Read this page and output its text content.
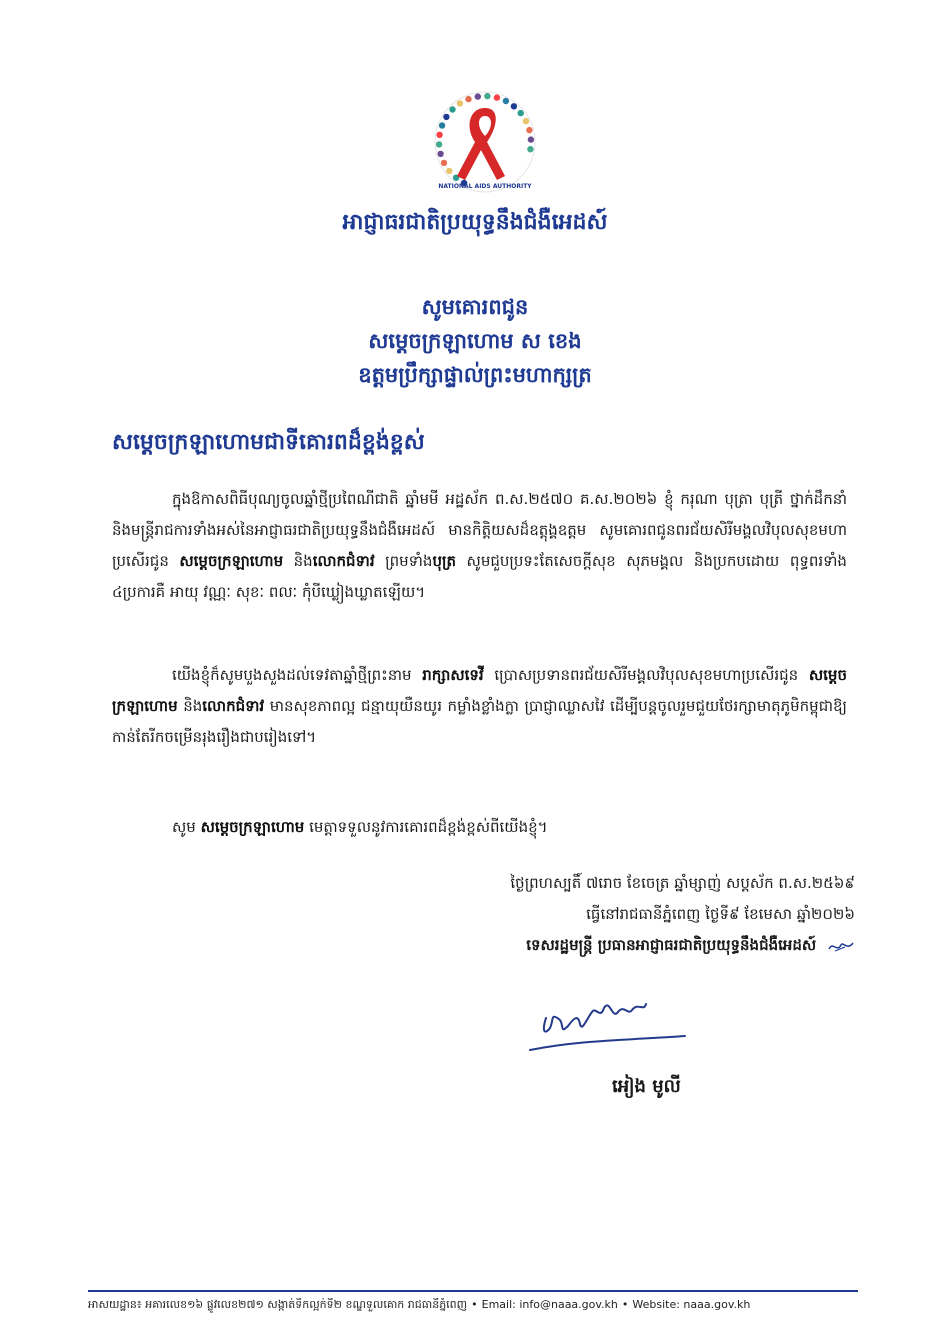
NATIONAL AIDS AUTHORITY
អាជ្ញាធរជាតិប្រយុទ្ធនឹងជំងឺអេដស៍
សូមគោរពជូន
សម្តេចក្រឡាហោម ស ខេង
ឧត្តមប្រឹក្សាផ្ទាល់ព្រះមហាក្សត្រ
សម្តេចក្រឡាហោមជាទីគោរពដ៏ខ្ពង់ខ្ពស់

ក្នុងឱកាសពិធីបុណ្យចូលឆ្នាំថ្មីប្រពៃណីជាតិ ឆ្នាំមមី អដ្ឋស័ក ព.ស.២៥៧០ គ.ស.២០២៦ ខ្ញុំ ករុណា បុត្រា បុត្រី ថ្នាក់ដឹកនាំ និងមន្ត្រីរាជការទាំងអស់នៃអាជ្ញាធរជាតិប្រយុទ្ធនឹងជំងឺអេដស៍ មានកិត្តិយសដ៏ឧត្តុង្គឧត្តម សូមគោរពជូនពរជ័យសិរីមង្គលវិបុលសុខមហាប្រសើរជូន សម្តេចក្រឡាហោម និងលោកជំទាវ ព្រមទាំងបុត្រ សូមជួបប្រទះតែសេចក្តីសុខ សុភមង្គល និងប្រកបដោយ ពុទ្ធពរទាំង ៤ប្រការគឺ អាយុ វណ្ណៈ សុខៈ ពលៈ កុំបីឃ្លៀងឃ្លាតឡើយ។

យើងខ្ញុំក៏សូមបួងសួងដល់ទេវតាឆ្នាំថ្មីព្រះនាម រាក្សាសទេវី ប្រោសប្រទានពរជ័យសិរីមង្គលវិបុលសុខមហាប្រសើរជូន សម្តេចក្រឡាហោម និងលោកជំទាវ មានសុខភាពល្អ ជន្មាយុយឺនយូរ កម្លាំងខ្លាំងក្លា ប្រាជ្ញាឈ្លាសវៃ ដើម្បីបន្តចូលរួមជួយថែរក្សាមាតុភូមិកម្ពុជាឱ្យកាន់តែរីកចម្រើនរុងរឿងជាបរៀងទៅ។

សូម សម្តេចក្រឡាហោម មេត្តាទទួលនូវការគោរពដ៏ខ្ពង់ខ្ពស់ពីយើងខ្ញុំ។

ថ្ងៃព្រហស្បតិ៍ ៧រោច ខែចេត្រ ឆ្នាំម្សាញ់ សប្តស័ក ព.ស.២៥៦៩
ធ្វើនៅរាជធានីភ្នំពេញ ថ្ងៃទី៩ ខែមេសា ឆ្នាំ២០២៦
ទេសរដ្ឋមន្ត្រី ប្រធានអាជ្ញាធរជាតិប្រយុទ្ធនឹងជំងឺអេដស៍
អៀង មូលី
អាសយដ្ឋាន៖ អគារលេខ១៦ ផ្លូវលេខ២៧១ សង្កាត់ទឹកល្អក់ទី២ ខណ្ឌទួលគោក រាជធានីភ្នំពេញ • Email: info@naaa.gov.kh • Website: naaa.gov.kh
